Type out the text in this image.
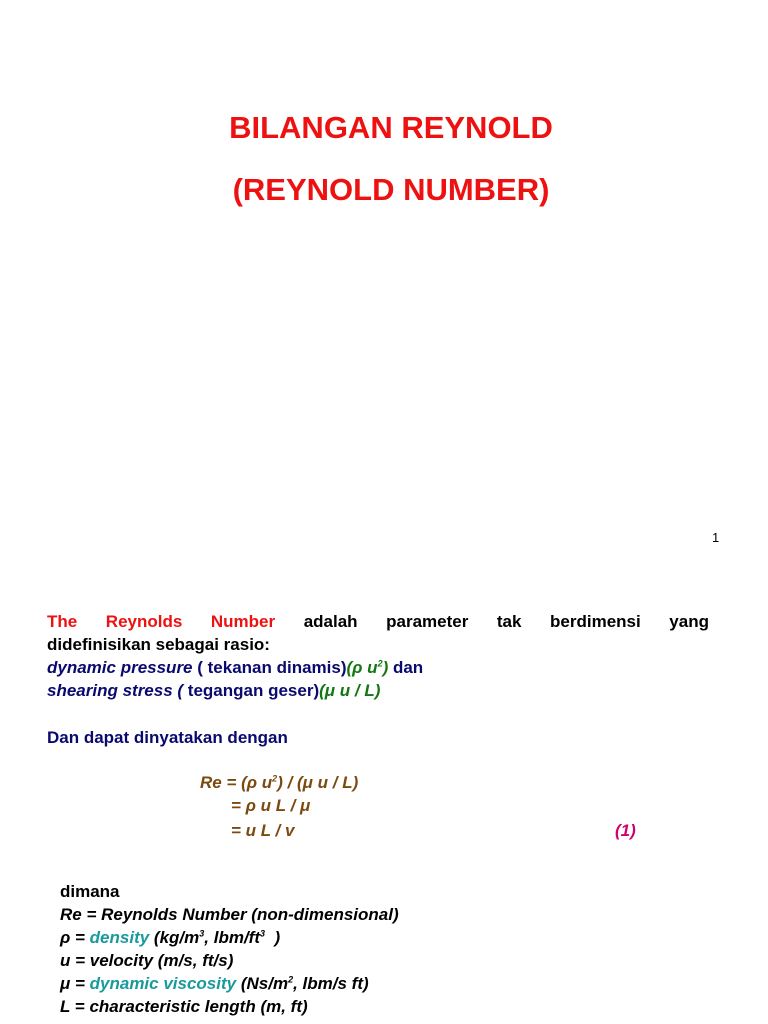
BILANGAN REYNOLD
(REYNOLD NUMBER)
1
The Reynolds Number adalah parameter tak berdimensi yang
didefinisikan sebagai rasio:
dynamic pressure ( tekanan dinamis)(ρ $u^2$) dan
shearing stress ( tegangan geser)(μ u / L)
Dan dapat dinyatakan dengan
Re = (ρ $u^2) / (\mu$ u / L)
= ρ u L / μ
= u L / v	(1)
dimana
Re = Reynolds Number (non-dimensional)
ρ = density ($kg/m^3$, lbm/$ft^3$  )
u = velocity (m/s, ft/s)
μ = dynamic viscosity ($Ns/m^2$, lbm/s ft)
L = characteristic length (m, ft)
